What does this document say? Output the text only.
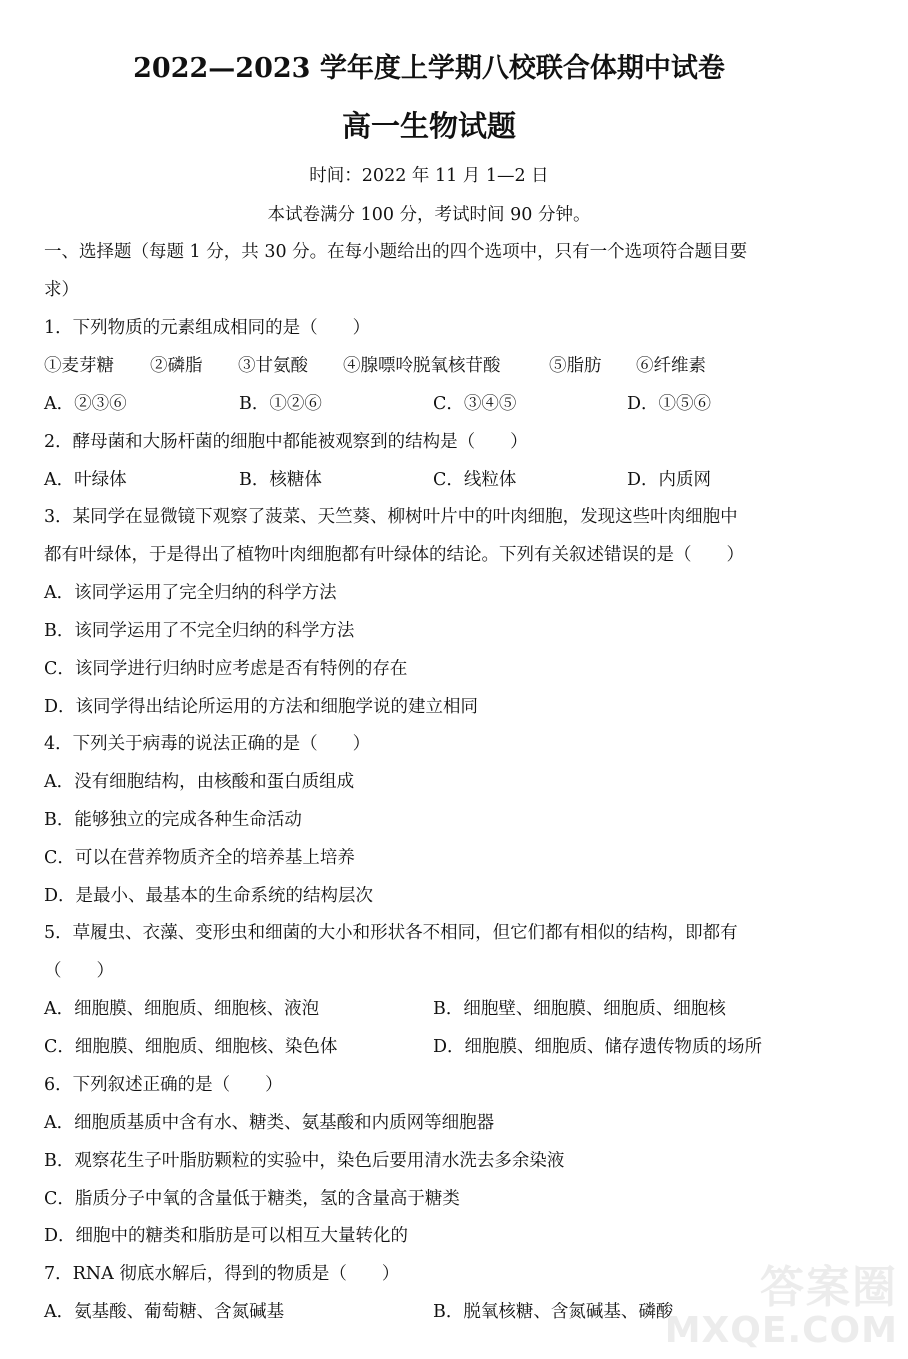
2022—2023 学年度上学期八校联合体期中试卷
高一生物试题
时间：2022 年 11 月 1—2 日
本试卷满分 100 分，考试时间 90 分钟。
一、选择题（每题 1 分，共 30 分。在每小题给出的四个选项中，只有一个选项符合题目要
求）
1．下列物质的元素组成相同的是（　　）
①麦芽糖 ②磷脂 ③甘氨酸 ④腺嘌呤脱氧核苷酸	⑤脂肪 ⑥纤维素
A．②③⑥	B．①②⑥	C．③④⑤	D．①⑤⑥
2．酵母菌和大肠杆菌的细胞中都能被观察到的结构是（　　）
A．叶绿体	B．核糖体	C．线粒体	D．内质网
3．某同学在显微镜下观察了菠菜、天竺葵、柳树叶片中的叶肉细胞，发现这些叶肉细胞中
都有叶绿体，于是得出了植物叶肉细胞都有叶绿体的结论。下列有关叙述错误的是（　　）
A．该同学运用了完全归纳的科学方法
B．该同学运用了不完全归纳的科学方法
C．该同学进行归纳时应考虑是否有特例的存在
D．该同学得出结论所运用的方法和细胞学说的建立相同
4．下列关于病毒的说法正确的是（　　）
A．没有细胞结构，由核酸和蛋白质组成
B．能够独立的完成各种生命活动
C．可以在营养物质齐全的培养基上培养
D．是最小、最基本的生命系统的结构层次
5．草履虫、衣藻、变形虫和细菌的大小和形状各不相同，但它们都有相似的结构，即都有
（　　）
A．细胞膜、细胞质、细胞核、液泡	B．细胞壁、细胞膜、细胞质、细胞核
C．细胞膜、细胞质、细胞核、染色体	D．细胞膜、细胞质、储存遗传物质的场所
6．下列叙述正确的是（　　）
A．细胞质基质中含有水、糖类、氨基酸和内质网等细胞器
B．观察花生子叶脂肪颗粒的实验中，染色后要用清水洗去多余染液
C．脂质分子中氧的含量低于糖类，氢的含量高于糖类
D．细胞中的糖类和脂肪是可以相互大量转化的
7．RNA 彻底水解后，得到的物质是（　　）
A．氨基酸、葡萄糖、含氮碱基	B．脱氧核糖、含氮碱基、磷酸 答案圈
MXQE.COM
